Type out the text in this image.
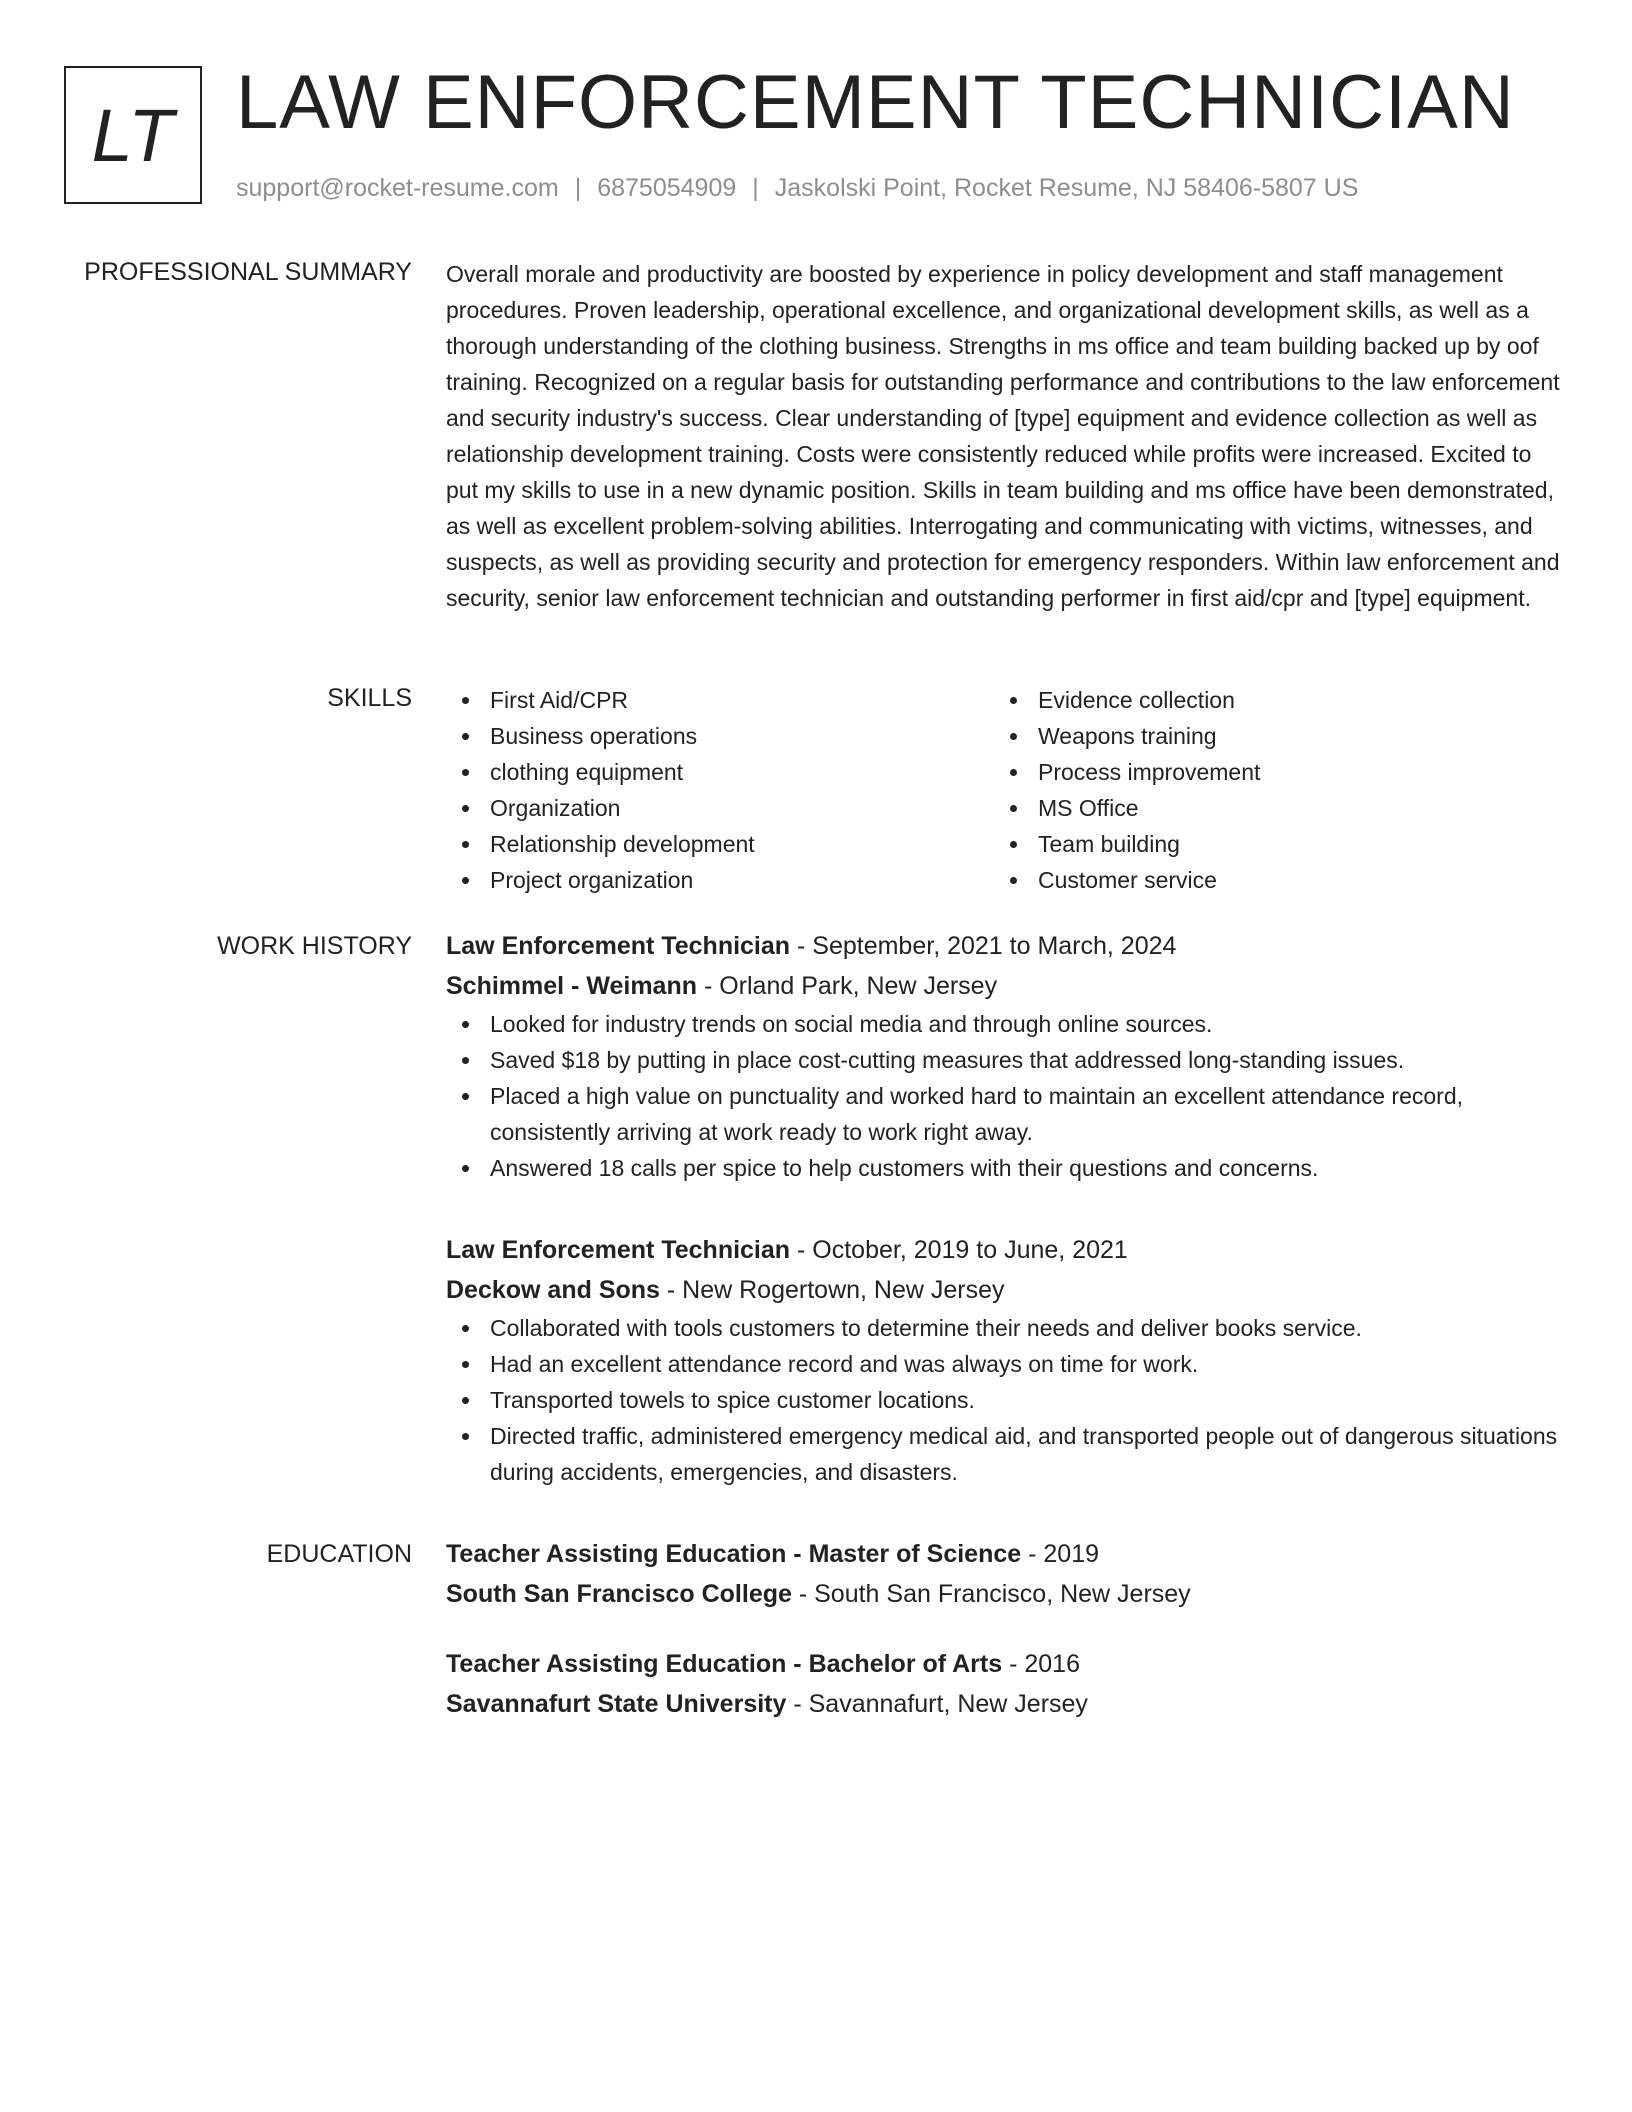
LT LAW ENFORCEMENT TECHNICIAN
support@rocket-resume.com | 6875054909 | Jaskolski Point, Rocket Resume, NJ 58406-5807 US
PROFESSIONAL SUMMARY Overall morale and productivity are boosted by experience in policy development and staff management procedures. Proven leadership, operational excellence, and organizational development skills, as well as a thorough understanding of the clothing business. Strengths in ms office and team building backed up by oof training. Recognized on a regular basis for outstanding performance and contributions to the law enforcement and security industry's success. Clear understanding of [type] equipment and evidence collection as well as relationship development training. Costs were consistently reduced while profits were increased. Excited to put my skills to use in a new dynamic position. Skills in team building and ms office have been demonstrated, as well as excellent problem-solving abilities. Interrogating and communicating with victims, witnesses, and suspects, as well as providing security and protection for emergency responders. Within law enforcement and security, senior law enforcement technician and outstanding performer in first aid/cpr and [type] equipment.

SKILLS	First Aid/CPR
Business operations
clothing equipment
Organization
Relationship development
Project organization
Evidence collection
Weapons training
Process improvement
MS Office
Team building
Customer service
WORK HISTORY Law Enforcement Technician - September, 2021 to March, 2024
Schimmel - Weimann - Orland Park, New Jersey
Looked for industry trends on social media and through online sources.
Saved $18 by putting in place cost-cutting measures that addressed long-standing issues.
Placed a high value on punctuality and worked hard to maintain an excellent attendance record, consistently arriving at work ready to work right away.
Answered 18 calls per spice to help customers with their questions and concerns.
Law Enforcement Technician - October, 2019 to June, 2021
Deckow and Sons - New Rogertown, New Jersey
Collaborated with tools customers to determine their needs and deliver books service.
Had an excellent attendance record and was always on time for work.
Transported towels to spice customer locations.
Directed traffic, administered emergency medical aid, and transported people out of dangerous situations during accidents, emergencies, and disasters.
EDUCATION Teacher Assisting Education - Master of Science - 2019
South San Francisco College - South San Francisco, New Jersey
Teacher Assisting Education - Bachelor of Arts - 2016
Savannafurt State University - Savannafurt, New Jersey
